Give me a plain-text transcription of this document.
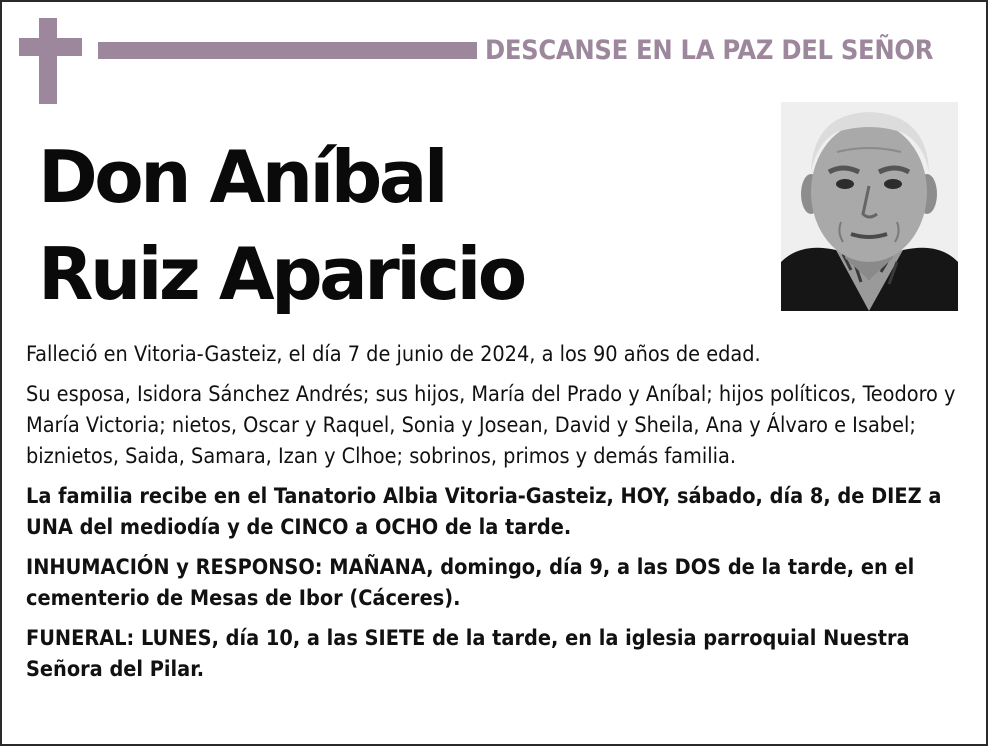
DESCANSE EN LA PAZ DEL SEÑOR
Don Aníbal
Ruiz Aparicio

Falleció en Vitoria-Gasteiz, el día 7 de junio de 2024, a los 90 años de edad.

Su esposa, Isidora Sánchez Andrés; sus hijos, María del Prado y Aníbal; hijos políticos, Teodoro y María Victoria; nietos, Oscar y Raquel, Sonia y Josean, David y Sheila, Ana y Álvaro e Isabel; biznietos, Saida, Samara, Izan y Clhoe; sobrinos, primos y demás familia.

La familia recibe en el Tanatorio Albia Vitoria-Gasteiz, HOY, sábado, día 8, de DIEZ a UNA del mediodía y de CINCO a OCHO de la tarde.

INHUMACIÓN y RESPONSO: MAÑANA, domingo, día 9, a las DOS de la tarde, en el cementerio de Mesas de Ibor (Cáceres).

FUNERAL: LUNES, día 10, a las SIETE de la tarde, en la iglesia parroquial Nuestra Señora del Pilar.
